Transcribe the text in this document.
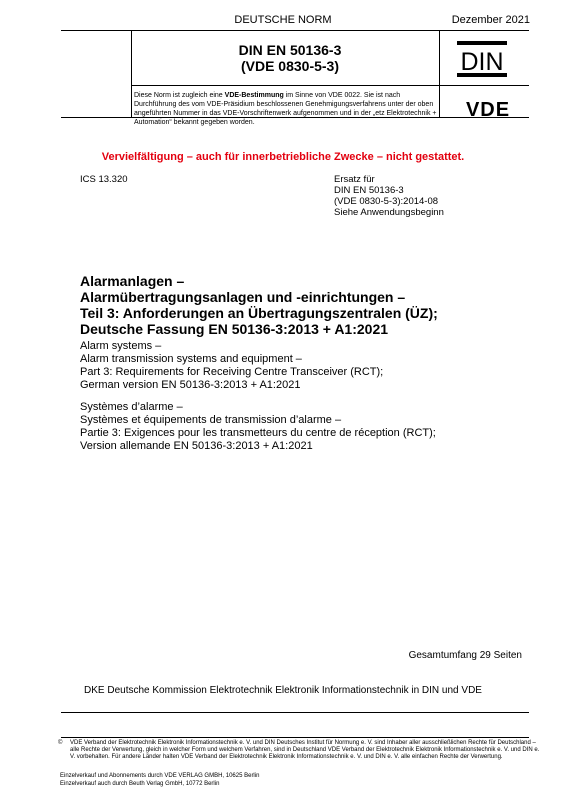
DEUTSCHE NORM	Dezember 2021
DIN EN 50136-3
(VDE 0830-5-3)	DIN
Diese Norm ist zugleich eine VDE-Bestimmung im Sinne von VDE 0022. Sie ist nach Durchführung des vom VDE-Präsidium beschlossenen Genehmigungsverfahrens unter der oben angeführten Nummer in das VDE-Vorschriftenwerk aufgenommen und in der „etz Elektrotechnik + Automation“ bekannt gegeben worden.
VDE
Vervielfältigung – auch für innerbetriebliche Zwecke – nicht gestattet.
ICS 13.320	Ersatz für
DIN EN 50136-3
(VDE 0830-5-3):2014-08
Siehe Anwendungsbeginn
Alarmanlagen –
Alarmübertragungsanlagen und -einrichtungen –
Teil 3: Anforderungen an Übertragungszentralen (ÜZ);
Deutsche Fassung EN 50136-3:2013 + A1:2021
Alarm systems –
Alarm transmission systems and equipment –
Part 3: Requirements for Receiving Centre Transceiver (RCT);
German version EN 50136-3:2013 + A1:2021
Systèmes d’alarme –
Systèmes et équipements de transmission d’alarme –
Partie 3: Exigences pour les transmetteurs du centre de réception (RCT);
Version allemande EN 50136-3:2013 + A1:2021
Gesamtumfang 29 Seiten
DKE Deutsche Kommission Elektrotechnik Elektronik Informationstechnik in DIN und VDE
©	VDE Verband der Elektrotechnik Elektronik Informationstechnik e. V. und DIN Deutsches Institut für Normung e. V. sind Inhaber aller ausschließlichen Rechte für Deutschland – alle Rechte der Verwertung, gleich in welcher Form und welchem Verfahren, sind in Deutschland VDE Verband der Elektrotechnik Elektronik Informationstechnik e. V. und DIN e. V. vorbehalten. Für andere Länder halten VDE Verband der Elektrotechnik Elektronik Informationstechnik e. V. und DIN e. V. alle einfachen Rechte der Verwertung.
Einzelverkauf und Abonnements durch VDE VERLAG GMBH, 10625 Berlin
Einzelverkauf auch durch Beuth Verlag GmbH, 10772 Berlin
